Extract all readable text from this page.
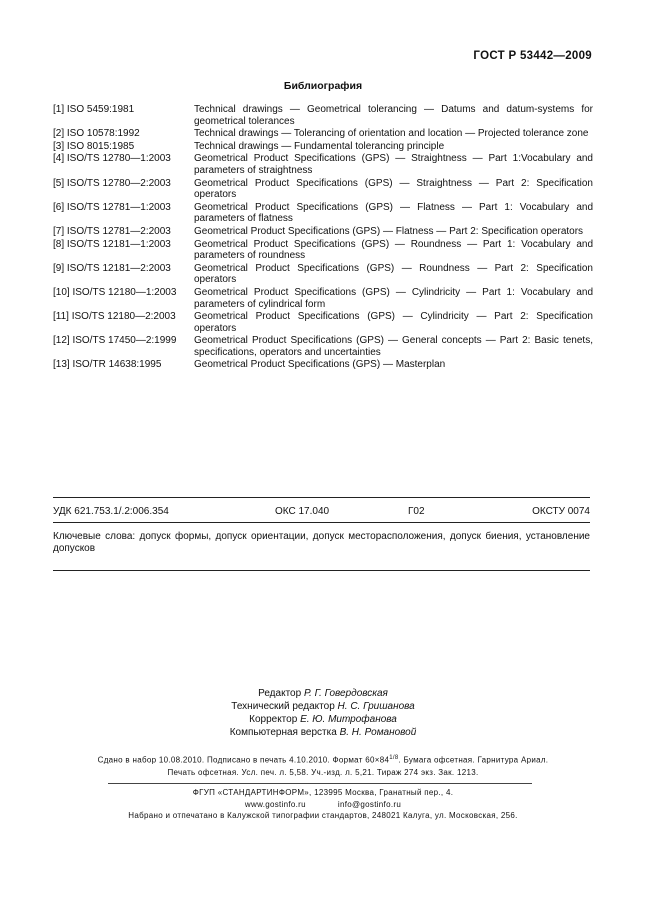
ГОСТ Р 53442—2009
Библиография
[1] ISO 5459:1981	Technical drawings — Geometrical tolerancing — Datums and datum-systems for geometrical tolerances
[2] ISO 10578:1992	Technical drawings — Tolerancing of orientation and location — Projected tolerance zone
[3] ISO 8015:1985	Technical drawings — Fundamental tolerancing principle
[4] ISO/TS 12780—1:2003	Geometrical Product Specifications (GPS) — Straightness — Part 1:Vocabulary and parameters of straightness
[5] ISO/TS 12780—2:2003	Geometrical Product Specifications (GPS) — Straightness — Part 2: Specification operators
[6] ISO/TS 12781—1:2003	Geometrical Product Specifications (GPS) — Flatness — Part 1: Vocabulary and parameters of flatness
[7] ISO/TS 12781—2:2003	Geometrical Product Specifications (GPS) — Flatness — Part 2: Specification operators
[8] ISO/TS 12181—1:2003	Geometrical Product Specifications (GPS) — Roundness — Part 1: Vocabulary and parameters of roundness
[9] ISO/TS 12181—2:2003	Geometrical Product Specifications (GPS) — Roundness — Part 2: Specification operators
[10] ISO/TS 12180—1:2003	Geometrical Product Specifications (GPS) — Cylindricity — Part 1: Vocabulary and parameters of cylindrical form
[11] ISO/TS 12180—2:2003	Geometrical Product Specifications (GPS) — Cylindricity — Part 2: Specification operators
[12] ISO/TS 17450—2:1999	Geometrical Product Specifications (GPS) — General concepts — Part 2: Basic tenets, specifications, operators and uncertainties
[13] ISO/TR 14638:1995	Geometrical Product Specifications (GPS) — Masterplan
УДК 621.753.1/.2:006.354	ОКС 17.040	Г02	ОКСТУ 0074
Ключевые слова: допуск формы, допуск ориентации, допуск месторасположения, допуск биения, установление допусков
Редактор Р. Г. Говердовская
Технический редактор Н. С. Гришанова
Корректор Е. Ю. Митрофанова
Компьютерная верстка В. Н. Романовой
Сдано в набор 10.08.2010. Подписано в печать 4.10.2010. Формат $60\times 84^{1/8}$. Бумага офсетная. Гарнитура Ариал.
Печать офсетная. Усл. печ. л. 5,58. Уч.-изд. л. 5,21. Тираж 274 экз. Зак. 1213.
ФГУП «СТАНДАРТИНФОРМ», 123995 Москва, Гранатный пер., 4.
www.gostinfo.ru	info@gostinfo.ru
Набрано и отпечатано в Калужской типографии стандартов, 248021 Калуга, ул. Московская, 256.
